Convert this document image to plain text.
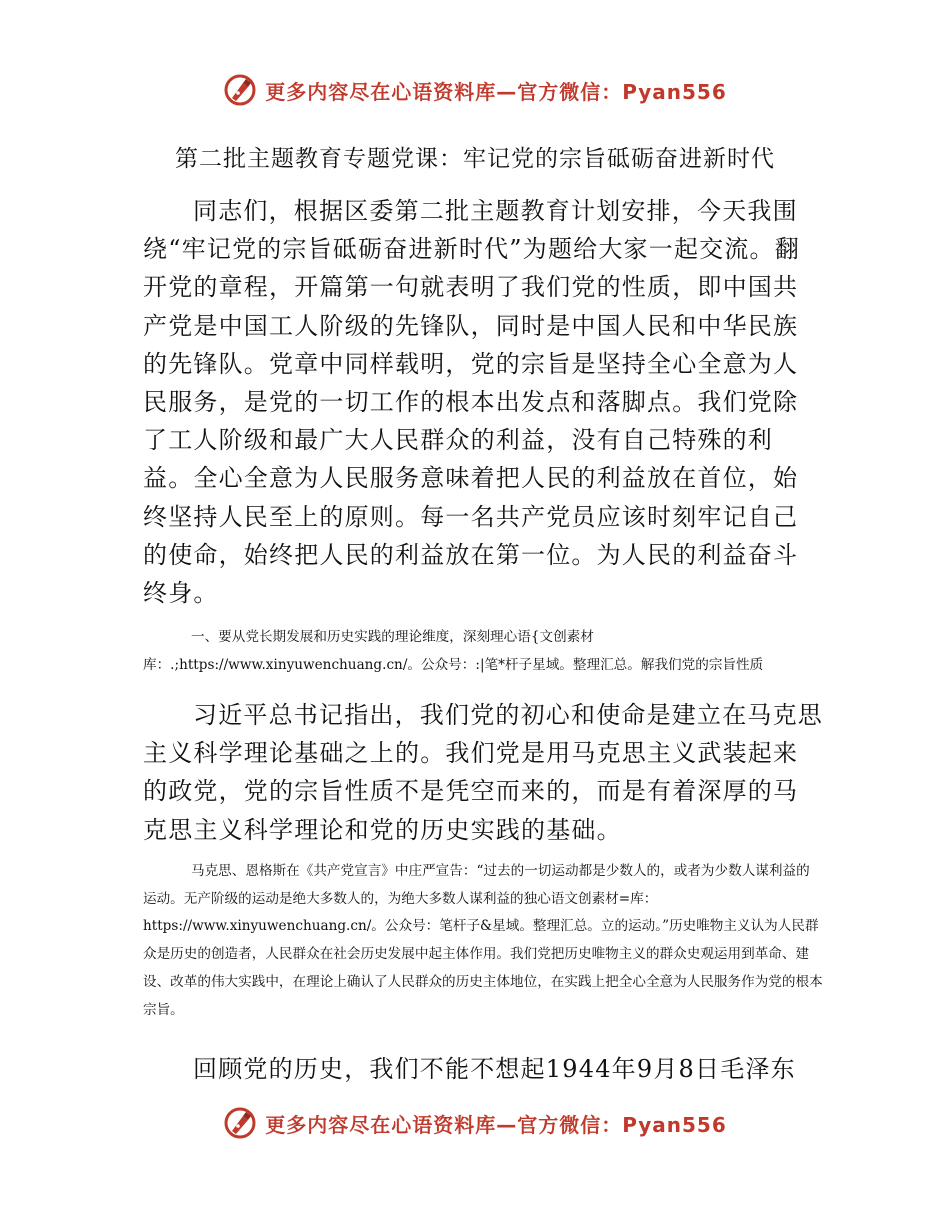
更多内容尽在心语资料库—官方微信：Pyan556
第二批主题教育专题党课：牢记党的宗旨砥砺奋进新时代

同志们，根据区委第二批主题教育计划安排，今天我围绕“牢记党的宗旨砥砺奋进新时代”为题给大家一起交流。翻开党的章程，开篇第一句就表明了我们党的性质，即中国共产党是中国工人阶级的先锋队，同时是中国人民和中华民族的先锋队。党章中同样载明，党的宗旨是坚持全心全意为人民服务，是党的一切工作的根本出发点和落脚点。我们党除了工人阶级和最广大人民群众的利益，没有自己特殊的利益。全心全意为人民服务意味着把人民的利益放在首位，始终坚持人民至上的原则。每一名共产党员应该时刻牢记自己的使命，始终把人民的利益放在第一位。为人民的利益奋斗终身。

一、要从党长期发展和历史实践的理论维度，深刻理心语{文创素材库：.;https://www.xinyuwenchuang.cn/。公众号：:|笔*杆子星域。整理汇总。解我们党的宗旨性质

习近平总书记指出，我们党的初心和使命是建立在马克思主义科学理论基础之上的。我们党是用马克思主义武装起来的政党，党的宗旨性质不是凭空而来的，而是有着深厚的马克思主义科学理论和党的历史实践的基础。

马克思、恩格斯在《共产党宣言》中庄严宣告：“过去的一切运动都是少数人的，或者为少数人谋利益的运动。无产阶级的运动是绝大多数人的，为绝大多数人谋利益的独心语文创素材=库：https://www.xinyuwenchuang.cn/。公众号：笔杆子&星域。整理汇总。立的运动。”历史唯物主义认为人民群众是历史的创造者，人民群众在社会历史发展中起主体作用。我们党把历史唯物主义的群众史观运用到革命、建设、改革的伟大实践中，在理论上确认了人民群众的历史主体地位，在实践上把全心全意为人民服务作为党的根本宗旨。

回顾党的历史，我们不能不想起1944年9月8日毛泽东

更多内容尽在心语资料库—官方微信：Pyan556
